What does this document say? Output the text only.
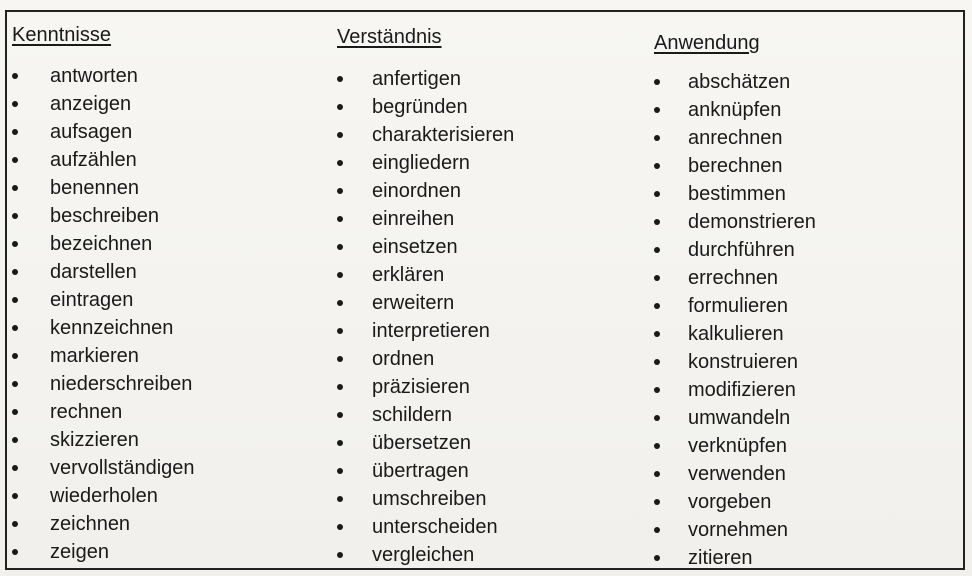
Kenntnisse
antworten
anzeigen
aufsagen
aufzählen
benennen
beschreiben
bezeichnen
darstellen
eintragen
kennzeichnen
markieren
niederschreiben
rechnen
skizzieren
vervollständigen
wiederholen
zeichnen
zeigen
Verständnis
anfertigen
begründen
charakterisieren
eingliedern
einordnen
einreihen
einsetzen
erklären
erweitern
interpretieren
ordnen
präzisieren
schildern
übersetzen
übertragen
umschreiben
unterscheiden
vergleichen
Anwendung
abschätzen
anknüpfen
anrechnen
berechnen
bestimmen
demonstrieren
durchführen
errechnen
formulieren
kalkulieren
konstruieren
modifizieren
umwandeln
verknüpfen
verwenden
vorgeben
vornehmen
zitieren
